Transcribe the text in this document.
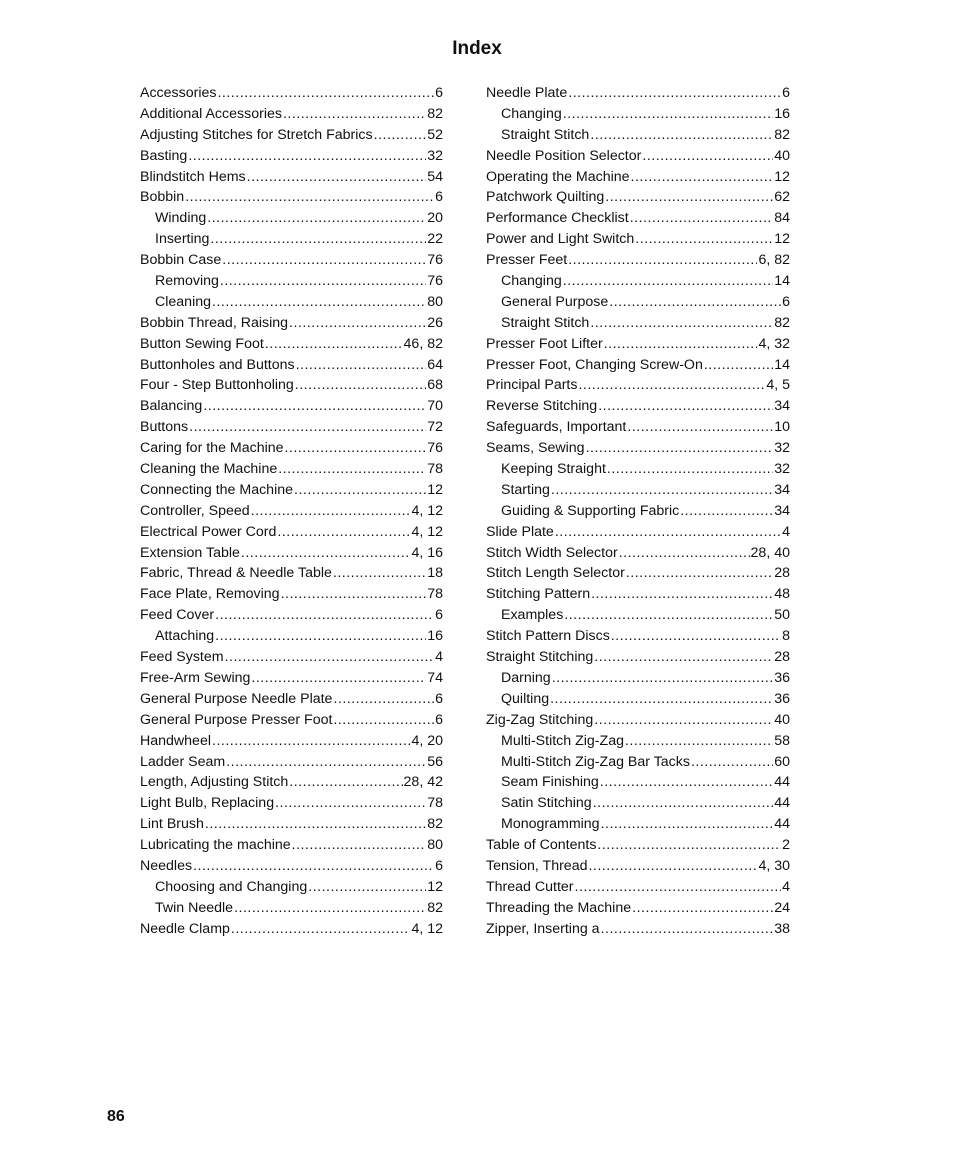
Index
Accessories .....	6
Additional Accessories .....	82
Adjusting Stitches for Stretch Fabrics .....	52
Basting .....	32
Blindstitch Hems .....	54
Bobbin .....	6
Winding .....	20
Inserting .....	22
Bobbin Case .....	76
Removing .....	76
Cleaning .....	80
Bobbin Thread, Raising .....	26
Button Sewing Foot .....	46, 82
Buttonholes and Buttons .....	64
Four - Step Buttonholing .....	68
Balancing .....	70
Buttons .....	72
Caring for the Machine .....	76
Cleaning the Machine .....	78
Connecting the Machine .....	12
Controller, Speed .....	4, 12
Electrical Power Cord .....	4, 12
Extension Table .....	4, 16
Fabric, Thread & Needle Table .....	18
Face Plate, Removing .....	78
Feed Cover .....	6
Attaching .....	16
Feed System .....	4
Free-Arm Sewing .....	74
General Purpose Needle Plate .....	6
General Purpose Presser Foot .....	6
Handwheel .....	4, 20
Ladder Seam .....	56
Length, Adjusting Stitch .....	28, 42
Light Bulb, Replacing .....	78
Lint Brush .....	82
Lubricating the machine .....	80
Needles .....	6
Choosing and Changing .....	12
Twin Needle .....	82
Needle Clamp .....	4, 12
Needle Plate .....	6
Changing .....	16
Straight Stitch .....	82
Needle Position Selector .....	40
Operating the Machine .....	12
Patchwork Quilting .....	62
Performance Checklist .....	84
Power and Light Switch .....	12
Presser Feet .....	6, 82
Changing .....	14
General Purpose .....	6
Straight Stitch .....	82
Presser Foot Lifter .....	4, 32
Presser Foot, Changing Screw-On .....	14
Principal Parts .....	4, 5
Reverse Stitching .....	34
Safeguards, Important .....	10
Seams, Sewing .....	32
Keeping Straight .....	32
Starting .....	34
Guiding & Supporting Fabric .....	34
Slide Plate .....	4
Stitch Width Selector .....	28, 40
Stitch Length Selector .....	28
Stitching Pattern .....	48
Examples .....	50
Stitch Pattern Discs .....	8
Straight Stitching .....	28
Darning .....	36
Quilting .....	36
Zig-Zag Stitching .....	40
Multi-Stitch Zig-Zag .....	58
Multi-Stitch Zig-Zag Bar Tacks .....	60
Seam Finishing .....	44
Satin Stitching .....	44
Monogramming .....	44
Table of Contents .....	2
Tension, Thread .....	4, 30
Thread Cutter .....	4
Threading the Machine .....	24
Zipper, Inserting a .....	38
86
